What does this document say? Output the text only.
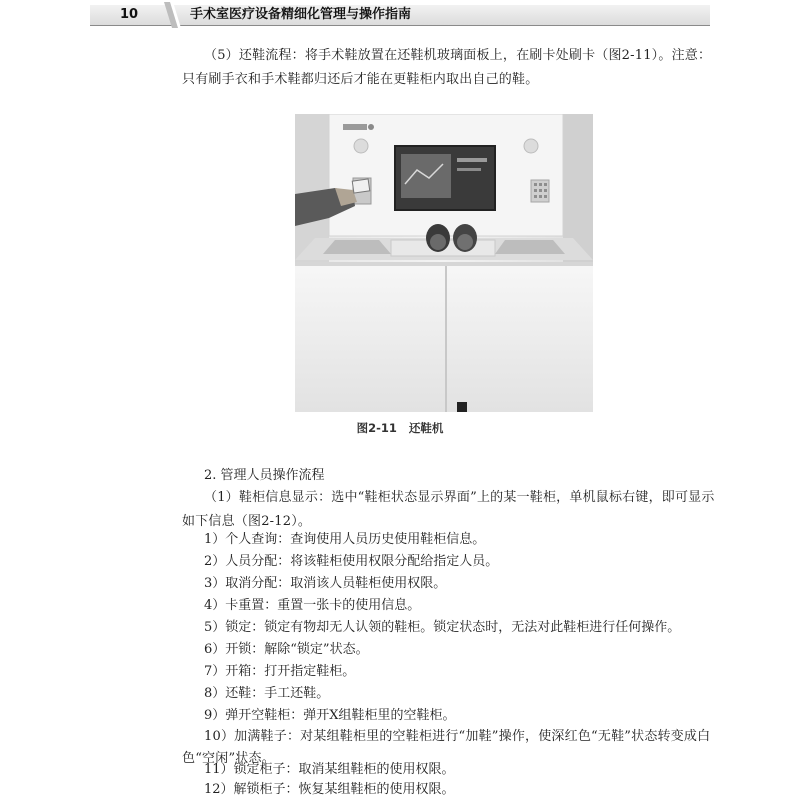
10	手术室医疗设备精细化管理与操作指南

（5）还鞋流程：将手术鞋放置在还鞋机玻璃面板上，在刷卡处刷卡（图2-11）。注意：只有刷手衣和手术鞋都归还后才能在更鞋柜内取出自己的鞋。

图2-11 还鞋机

2. 管理人员操作流程

（1）鞋柜信息显示：选中“鞋柜状态显示界面”上的某一鞋柜，单机鼠标右键，即可显示如下信息（图2-12）。

1）个人查询：查询使用人员历史使用鞋柜信息。

2）人员分配：将该鞋柜使用权限分配给指定人员。

3）取消分配：取消该人员鞋柜使用权限。

4）卡重置：重置一张卡的使用信息。

5）锁定：锁定有物却无人认领的鞋柜。锁定状态时，无法对此鞋柜进行任何操作。

6）开锁：解除“锁定”状态。

7）开箱：打开指定鞋柜。

8）还鞋：手工还鞋。

9）弹开空鞋柜：弹开X组鞋柜里的空鞋柜。

10）加满鞋子：对某组鞋柜里的空鞋柜进行“加鞋”操作，使深红色“无鞋”状态转变成白色“空闲”状态。

11）锁定柜子：取消某组鞋柜的使用权限。

12）解锁柜子：恢复某组鞋柜的使用权限。
